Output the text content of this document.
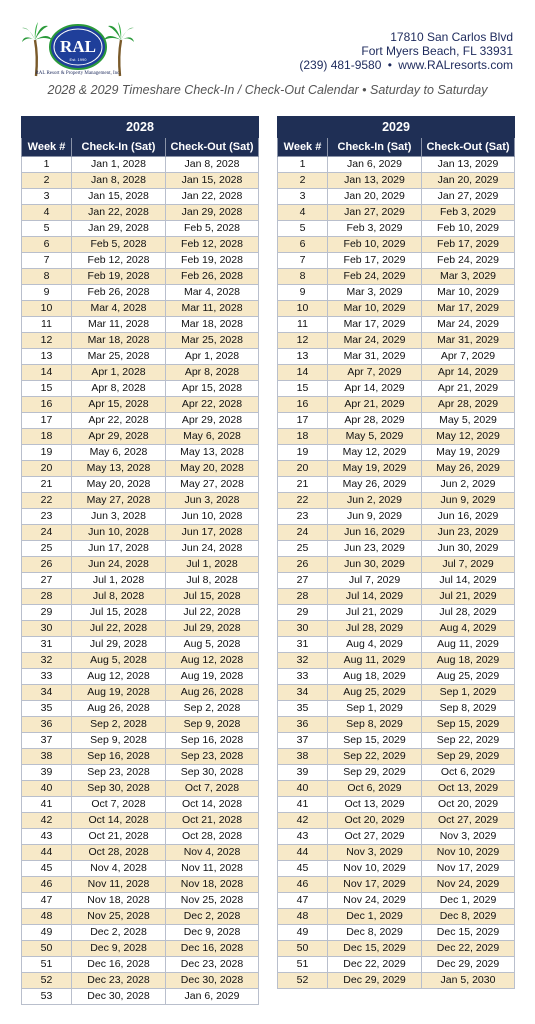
RAL
Est. 1990
RAL Resort & Property Management, Inc.
17810 San Carlos Blvd
Fort Myers Beach, FL 33931
(239) 481-9580 • www.RALresorts.com
2028 & 2029 Timeshare Check-In / Check-Out Calendar • Saturday to Saturday
2028		
Week #	Check-In (Sat)	Check-Out (Sat)
1	Jan 1, 2028	Jan 8, 2028
2	Jan 8, 2028	Jan 15, 2028
3	Jan 15, 2028	Jan 22, 2028
4	Jan 22, 2028	Jan 29, 2028
5	Jan 29, 2028	Feb 5, 2028
6	Feb 5, 2028	Feb 12, 2028
7	Feb 12, 2028	Feb 19, 2028
8	Feb 19, 2028	Feb 26, 2028
9	Feb 26, 2028	Mar 4, 2028
10	Mar 4, 2028	Mar 11, 2028
11	Mar 11, 2028	Mar 18, 2028
12	Mar 18, 2028	Mar 25, 2028
13	Mar 25, 2028	Apr 1, 2028
14	Apr 1, 2028	Apr 8, 2028
15	Apr 8, 2028	Apr 15, 2028
16	Apr 15, 2028	Apr 22, 2028
17	Apr 22, 2028	Apr 29, 2028
18	Apr 29, 2028	May 6, 2028
19	May 6, 2028	May 13, 2028
20	May 13, 2028	May 20, 2028
21	May 20, 2028	May 27, 2028
22	May 27, 2028	Jun 3, 2028
23	Jun 3, 2028	Jun 10, 2028
24	Jun 10, 2028	Jun 17, 2028
25	Jun 17, 2028	Jun 24, 2028
26	Jun 24, 2028	Jul 1, 2028
27	Jul 1, 2028	Jul 8, 2028
28	Jul 8, 2028	Jul 15, 2028
29	Jul 15, 2028	Jul 22, 2028
30	Jul 22, 2028	Jul 29, 2028
31	Jul 29, 2028	Aug 5, 2028
32	Aug 5, 2028	Aug 12, 2028
33	Aug 12, 2028	Aug 19, 2028
34	Aug 19, 2028	Aug 26, 2028
35	Aug 26, 2028	Sep 2, 2028
36	Sep 2, 2028	Sep 9, 2028
37	Sep 9, 2028	Sep 16, 2028
38	Sep 16, 2028	Sep 23, 2028
39	Sep 23, 2028	Sep 30, 2028
40	Sep 30, 2028	Oct 7, 2028
41	Oct 7, 2028	Oct 14, 2028
42	Oct 14, 2028	Oct 21, 2028
43	Oct 21, 2028	Oct 28, 2028
44	Oct 28, 2028	Nov 4, 2028
45	Nov 4, 2028	Nov 11, 2028
46	Nov 11, 2028	Nov 18, 2028
47	Nov 18, 2028	Nov 25, 2028
48	Nov 25, 2028	Dec 2, 2028
49	Dec 2, 2028	Dec 9, 2028
50	Dec 9, 2028	Dec 16, 2028
51	Dec 16, 2028	Dec 23, 2028
52	Dec 23, 2028	Dec 30, 2028
53	Dec 30, 2028	Jan 6, 2029
2029		
Week #	Check-In (Sat)	Check-Out (Sat)
1	Jan 6, 2029	Jan 13, 2029
2	Jan 13, 2029	Jan 20, 2029
3	Jan 20, 2029	Jan 27, 2029
4	Jan 27, 2029	Feb 3, 2029
5	Feb 3, 2029	Feb 10, 2029
6	Feb 10, 2029	Feb 17, 2029
7	Feb 17, 2029	Feb 24, 2029
8	Feb 24, 2029	Mar 3, 2029
9	Mar 3, 2029	Mar 10, 2029
10	Mar 10, 2029	Mar 17, 2029
11	Mar 17, 2029	Mar 24, 2029
12	Mar 24, 2029	Mar 31, 2029
13	Mar 31, 2029	Apr 7, 2029
14	Apr 7, 2029	Apr 14, 2029
15	Apr 14, 2029	Apr 21, 2029
16	Apr 21, 2029	Apr 28, 2029
17	Apr 28, 2029	May 5, 2029
18	May 5, 2029	May 12, 2029
19	May 12, 2029	May 19, 2029
20	May 19, 2029	May 26, 2029
21	May 26, 2029	Jun 2, 2029
22	Jun 2, 2029	Jun 9, 2029
23	Jun 9, 2029	Jun 16, 2029
24	Jun 16, 2029	Jun 23, 2029
25	Jun 23, 2029	Jun 30, 2029
26	Jun 30, 2029	Jul 7, 2029
27	Jul 7, 2029	Jul 14, 2029
28	Jul 14, 2029	Jul 21, 2029
29	Jul 21, 2029	Jul 28, 2029
30	Jul 28, 2029	Aug 4, 2029
31	Aug 4, 2029	Aug 11, 2029
32	Aug 11, 2029	Aug 18, 2029
33	Aug 18, 2029	Aug 25, 2029
34	Aug 25, 2029	Sep 1, 2029
35	Sep 1, 2029	Sep 8, 2029
36	Sep 8, 2029	Sep 15, 2029
37	Sep 15, 2029	Sep 22, 2029
38	Sep 22, 2029	Sep 29, 2029
39	Sep 29, 2029	Oct 6, 2029
40	Oct 6, 2029	Oct 13, 2029
41	Oct 13, 2029	Oct 20, 2029
42	Oct 20, 2029	Oct 27, 2029
43	Oct 27, 2029	Nov 3, 2029
44	Nov 3, 2029	Nov 10, 2029
45	Nov 10, 2029	Nov 17, 2029
46	Nov 17, 2029	Nov 24, 2029
47	Nov 24, 2029	Dec 1, 2029
48	Dec 1, 2029	Dec 8, 2029
49	Dec 8, 2029	Dec 15, 2029
50	Dec 15, 2029	Dec 22, 2029
51	Dec 22, 2029	Dec 29, 2029
52	Dec 29, 2029	Jan 5, 2030
